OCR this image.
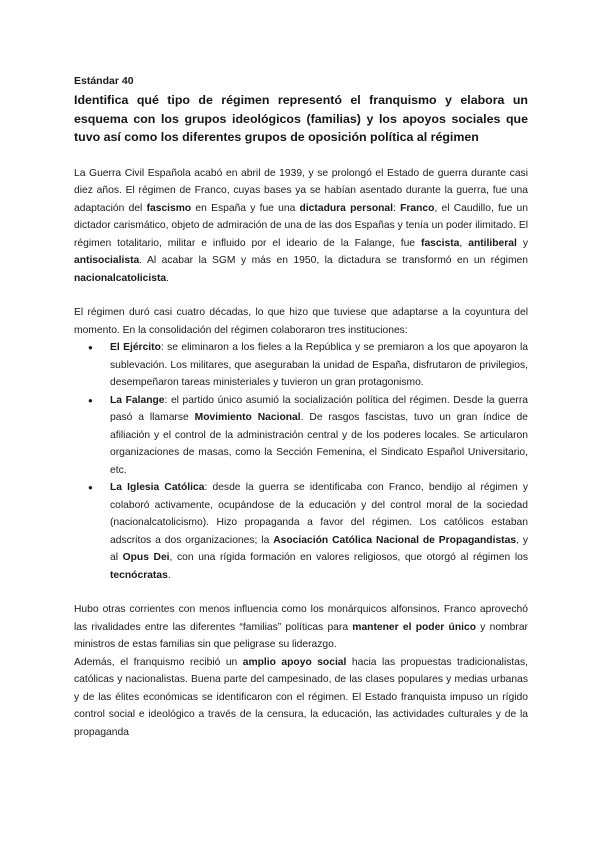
Estándar 40

Identifica qué tipo de régimen representó el franquismo y elabora un esquema con los grupos ideológicos (familias) y los apoyos sociales que tuvo así como los diferentes grupos de oposición política al régimen

La Guerra Civil Española acabó en abril de 1939, y se prolongó el Estado de guerra durante casi diez años. El régimen de Franco, cuyas bases ya se habían asentado durante la guerra, fue una adaptación del fascismo en España y fue una dictadura personal: Franco, el Caudillo, fue un dictador carismático, objeto de admiración de una de las dos Españas y tenía un poder ilimitado. El régimen totalitario, militar e influido por el ideario de la Falange, fue fascista, antiliberal y antisocialista. Al acabar la SGM y más en 1950, la dictadura se transformó en un régimen nacionalcatolicista.

El régimen duró casi cuatro décadas, lo que hizo que tuviese que adaptarse a la coyuntura del momento. En la consolidación del régimen colaboraron tres instituciones:

● El Ejército: se eliminaron a los fieles a la República y se premiaron a los que apoyaron la sublevación. Los militares, que aseguraban la unidad de España, disfrutaron de privilegios, desempeñaron tareas ministeriales y tuvieron un gran protagonismo.
● La Falange: el partido único asumió la socialización política del régimen. Desde la guerra pasó a llamarse Movimiento Nacional. De rasgos fascistas, tuvo un gran índice de afiliación y el control de la administración central y de los poderes locales. Se articularon organizaciones de masas, como la Sección Femenina, el Sindicato Español Universitario, etc.
● La Iglesia Católica: desde la guerra se identificaba con Franco, bendijo al régimen y colaboró activamente, ocupándose de la educación y del control moral de la sociedad (nacionalcatolicismo). Hizo propaganda a favor del régimen. Los católicos estaban adscritos a dos organizaciones; la Asociación Católica Nacional de Propagandistas, y al Opus Dei, con una rígida formación en valores religiosos, que otorgó al régimen los tecnócratas.

Hubo otras corrientes con menos influencia como los monárquicos alfonsinos. Franco aprovechó las rivalidades entre las diferentes “familias” políticas para mantener el poder único y nombrar ministros de estas familias sin que peligrase su liderazgo.

Además, el franquismo recibió un amplio apoyo social hacia las propuestas tradicionalistas, católicas y nacionalistas. Buena parte del campesinado, de las clases populares y medias urbanas y de las élites económicas se identificaron con el régimen. El Estado franquista impuso un rígido control social e ideológico a través de la censura, la educación, las actividades culturales y de la propaganda
